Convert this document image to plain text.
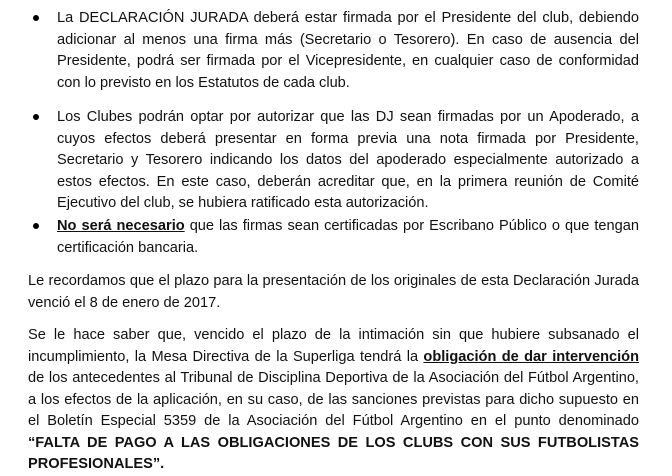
La DECLARACIÓN JURADA deberá estar firmada por el Presidente del club, debiendo adicionar al menos una firma más (Secretario o Tesorero). En caso de ausencia del Presidente, podrá ser firmada por el Vicepresidente, en cualquier caso de conformidad con lo previsto en los Estatutos de cada club.
Los Clubes podrán optar por autorizar que las DJ sean firmadas por un Apoderado, a cuyos efectos deberá presentar en forma previa una nota firmada por Presidente, Secretario y Tesorero indicando los datos del apoderado especialmente autorizado a estos efectos. En este caso, deberán acreditar que, en la primera reunión de Comité Ejecutivo del club, se hubiera ratificado esta autorización.
No será necesario que las firmas sean certificadas por Escribano Público o que tengan certificación bancaria.
Le recordamos que el plazo para la presentación de los originales de esta Declaración Jurada venció el 8 de enero de 2017.
Se le hace saber que, vencido el plazo de la intimación sin que hubiere subsanado el incumplimiento, la Mesa Directiva de la Superliga tendrá la obligación de dar intervención de los antecedentes al Tribunal de Disciplina Deportiva de la Asociación del Fútbol Argentino, a los efectos de la aplicación, en su caso, de las sanciones previstas para dicho supuesto en el Boletín Especial 5359 de la Asociación del Fútbol Argentino en el punto denominado “FALTA DE PAGO A LAS OBLIGACIONES DE LOS CLUBS CON SUS FUTBOLISTAS PROFESIONALES”.
